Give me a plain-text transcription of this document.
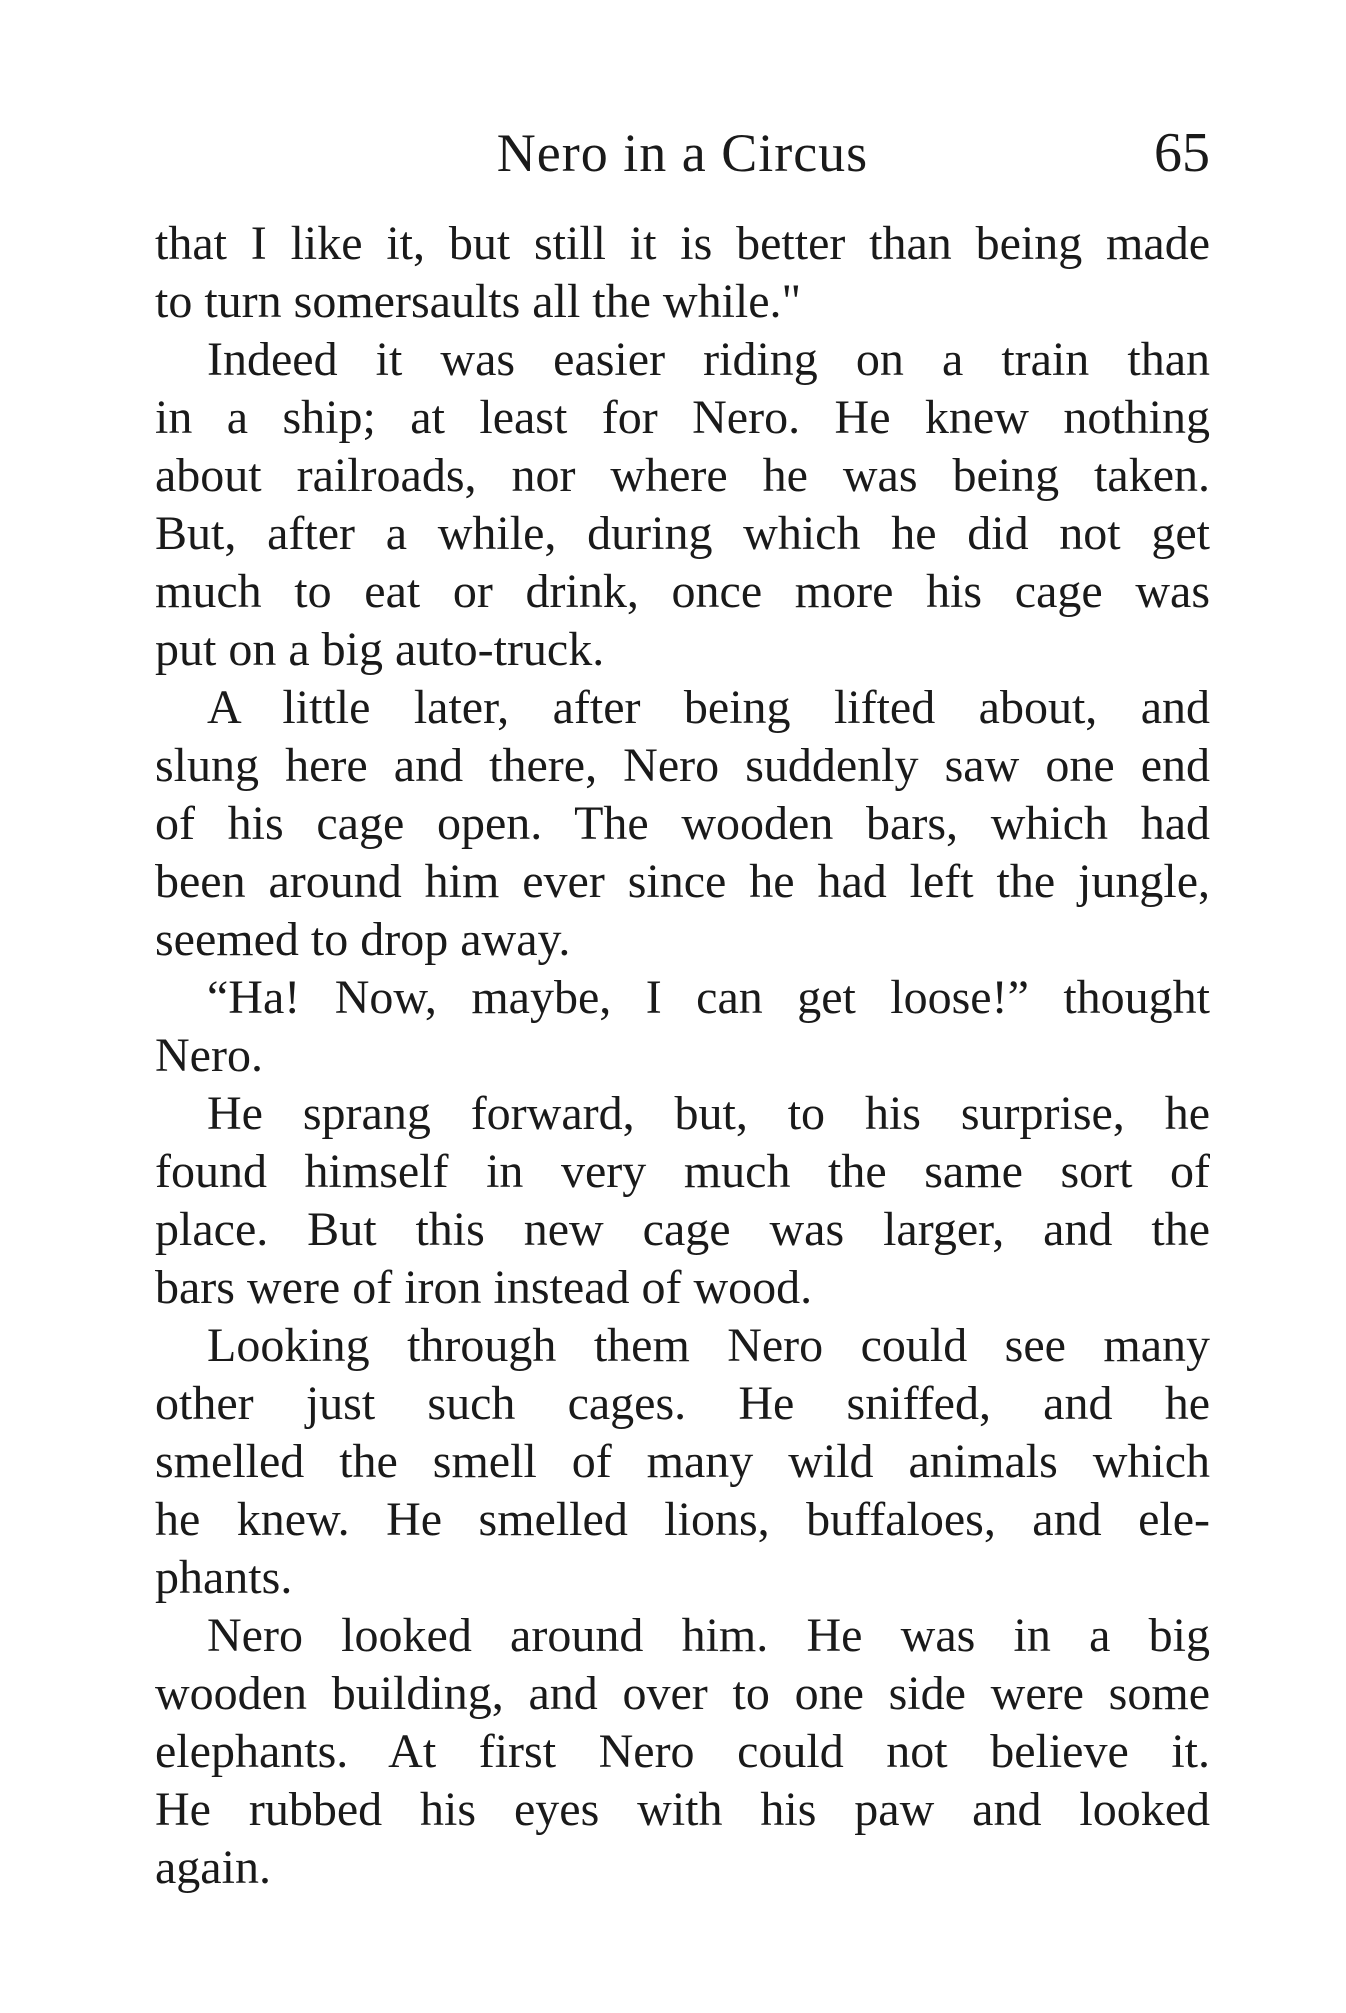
Nero in a Circus	65
that I like it, but still it is better than being made
to turn somersaults all the while."
Indeed it was easier riding on a train than
in a ship; at least for Nero. He knew nothing
about railroads, nor where he was being taken.
But, after a while, during which he did not get
much to eat or drink, once more his cage was
put on a big auto-truck.
A little later, after being lifted about, and
slung here and there, Nero suddenly saw one end
of his cage open. The wooden bars, which had
been around him ever since he had left the jungle,
seemed to drop away.
“Ha! Now, maybe, I can get loose!” thought
Nero.
He sprang forward, but, to his surprise, he
found himself in very much the same sort of
place. But this new cage was larger, and the
bars were of iron instead of wood.
Looking through them Nero could see many
other just such cages. He sniffed, and he
smelled the smell of many wild animals which
he knew. He smelled lions, buffaloes, and ele-
phants.
Nero looked around him. He was in a big
wooden building, and over to one side were some
elephants. At first Nero could not believe it.
He rubbed his eyes with his paw and looked
again.
